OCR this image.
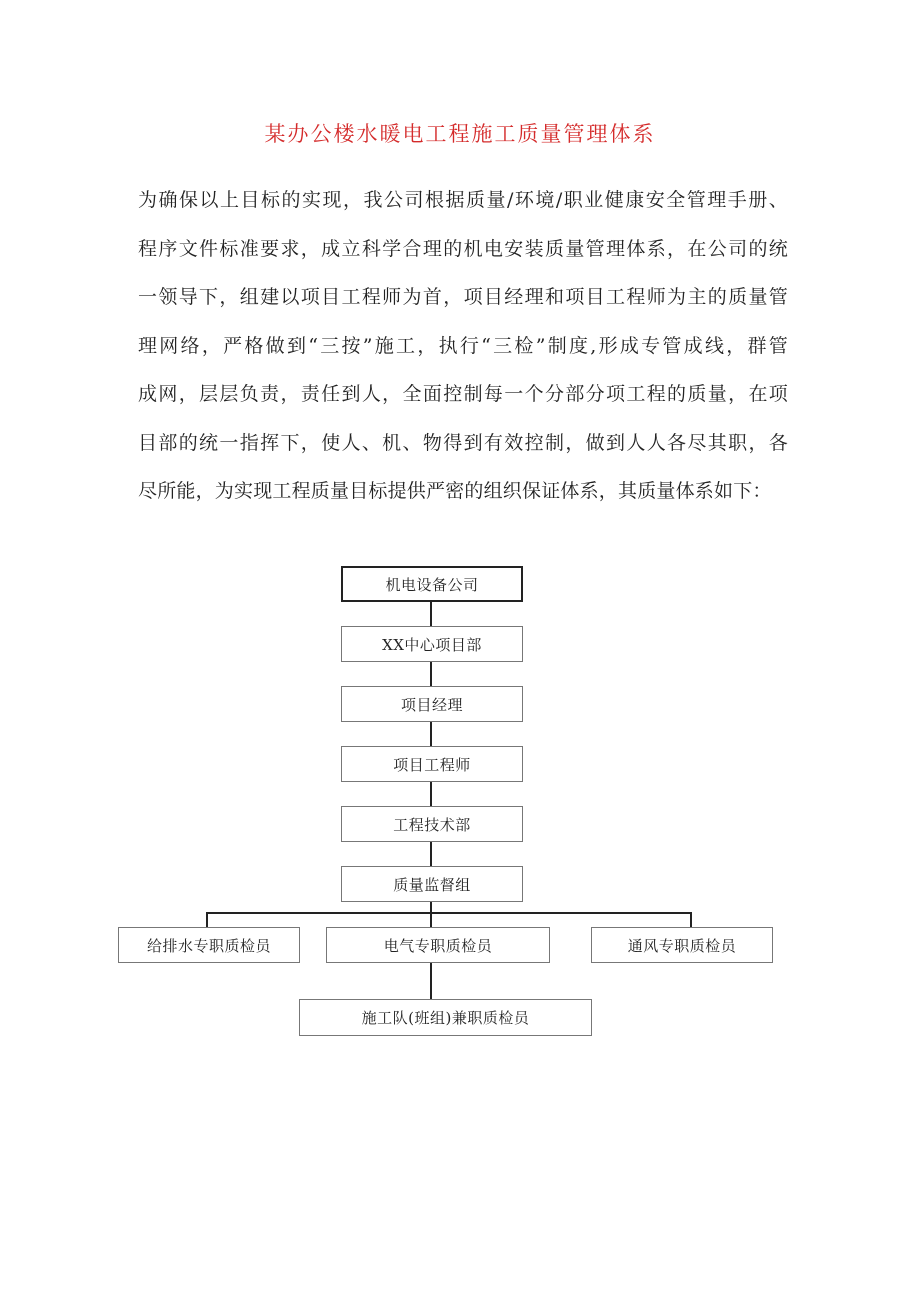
某办公楼水暖电工程施工质量管理体系
为确保以上目标的实现，我公司根据质量/环境/职业健康安全管理手册、
程序文件标准要求，成立科学合理的机电安装质量管理体系，在公司的统
一领导下，组建以项目工程师为首，项目经理和项目工程师为主的质量管
理网络，严格做到“三按”施工，执行“三检”制度,形成专管成线，群管
成网，层层负责，责任到人，全面控制每一个分部分项工程的质量，在项
目部的统一指挥下，使人、机、物得到有效控制，做到人人各尽其职，各
尽所能，为实现工程质量目标提供严密的组织保证体系，其质量体系如下：
机电设备公司
XX中心项目部
项目经理
项目工程师
工程技术部
质量监督组
给排水专职质检员	电气专职质检员	通风专职质检员
施工队(班组)兼职质检员
